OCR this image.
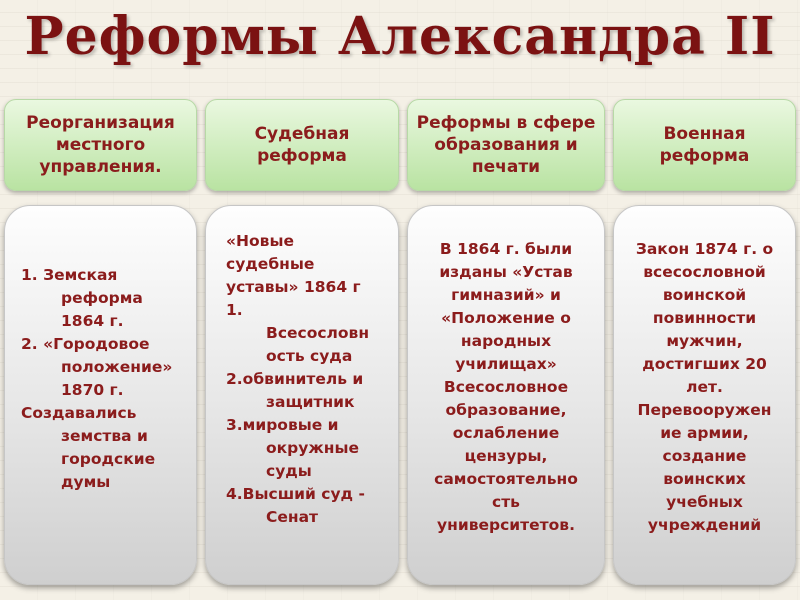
Реформы Александра II
Реорганизация местного управления.
Судебная реформа
Реформы в сфере образования и печати
Военная реформа
1. Земская
реформа
1864 г.
2. «Городовое
положение»
1870 г.
Создавались
земства и
городские
думы
«Новые
судебные
уставы» 1864 г
1.
Всесословн
ость суда
2.обвинитель и
защитник
3.мировые и
окружные
суды
4.Высший суд -
Сенат
В 1864 г. были
изданы «Устав
гимназий» и
«Положение о
народных
училищах»
Всесословное
образование,
ослабление
цензуры,
самостоятельно
сть
университетов.
Закон 1874 г. о
всесословной
воинской
повинности
мужчин,
достигших 20
лет.
Перевооружен
ие армии,
создание
воинских
учебных
учреждений
